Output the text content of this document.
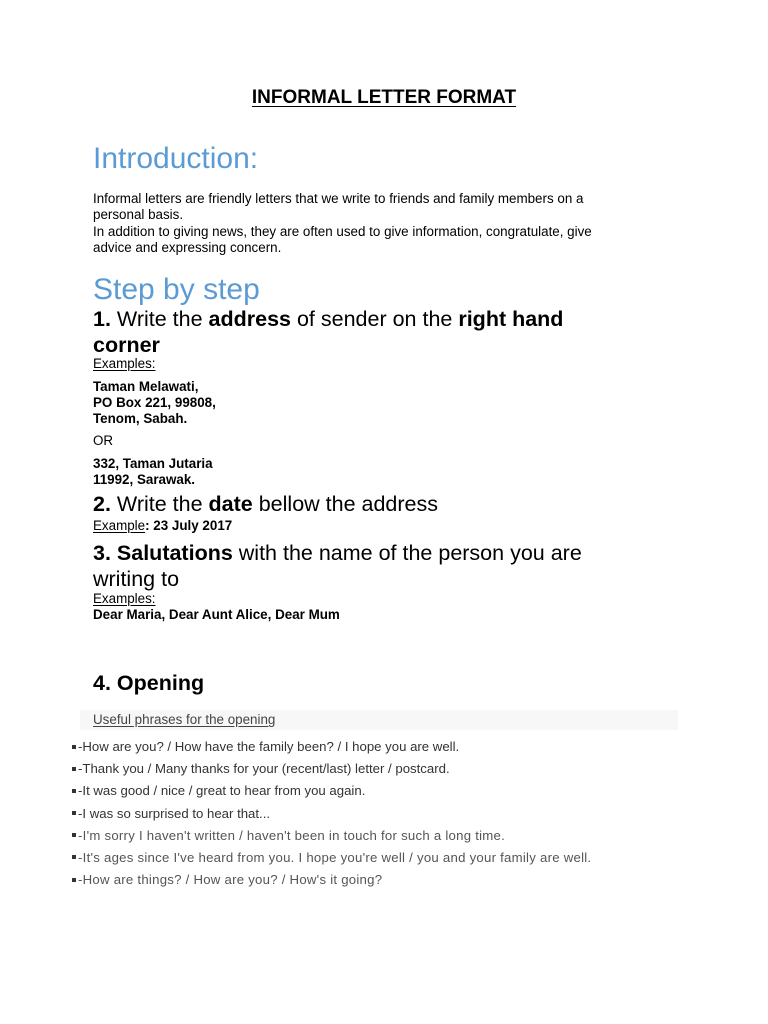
INFORMAL LETTER FORMAT
Introduction:
Informal letters are friendly letters that we write to friends and family members on a
personal basis.
In addition to giving news, they are often used to give information, congratulate, give
advice and expressing concern.
Step by step
1. Write the address of sender on the right hand
corner
Examples:
Taman Melawati,
PO Box 221, 99808,
Tenom, Sabah.
OR
332, Taman Jutaria
11992, Sarawak.
2. Write the date bellow the address
Example: 23 July 2017
3. Salutations with the name of the person you are
writing to
Examples:
Dear Maria, Dear Aunt Alice, Dear Mum
4. Opening
Useful phrases for the opening
-How are you? / How have the family been? / I hope you are well.
-Thank you / Many thanks for your (recent/last) letter / postcard.
-It was good / nice / great to hear from you again.
-I was so surprised to hear that...
-I'm sorry I haven't written / haven't been in touch for such a long time.
-It's ages since I've heard from you. I hope you're well / you and your family are well.
-How are things? / How are you? / How's it going?
